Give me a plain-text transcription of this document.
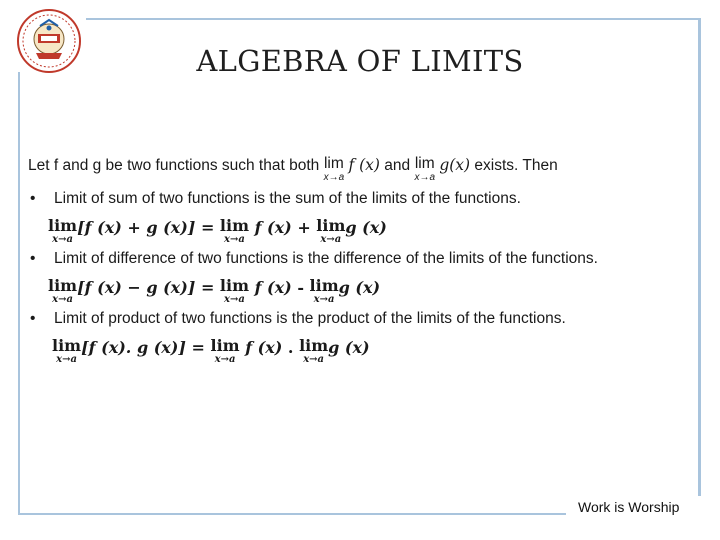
ALGEBRA OF LIMITS
Let f and g be two functions such that both lim
x→a
f (x) and lim
x→a
g(x) exists. Then
• Limit of sum of two functions is the sum of the limits of the functions.
lim
x→a
[f (x) + g (x)] = lim
x→a
f (x) + lim
x→a
g (x)
• Limit of difference of two functions is the difference of the limits of the functions.
lim
x→a
[f (x) − g (x)] = lim
x→a
f (x) - lim
x→a
g (x)
• Limit of product of two functions is the product of the limits of the functions.
lim
x→a
[f (x). g (x)] = lim
x→a
f (x) . lim
x→a
g (x)
Work is Worship
